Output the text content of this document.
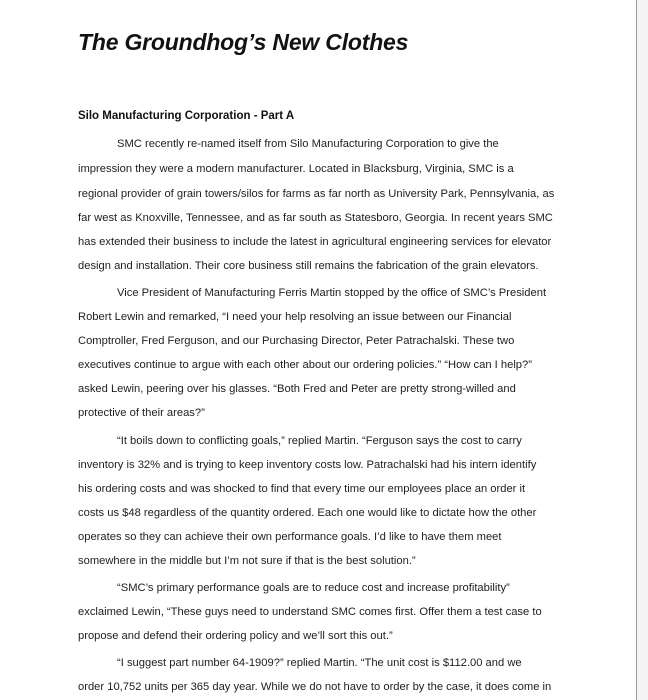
The Groundhog’s New Clothes
Silo Manufacturing Corporation - Part A

SMC recently re-named itself from Silo Manufacturing Corporation to give the

impression they were a modern manufacturer. Located in Blacksburg, Virginia, SMC is a

regional provider of grain towers/silos for farms as far north as University Park, Pennsylvania, as

far west as Knoxville, Tennessee, and as far south as Statesboro, Georgia. In recent years SMC

has extended their business to include the latest in agricultural engineering services for elevator

design and installation. Their core business still remains the fabrication of the grain elevators.

Vice President of Manufacturing Ferris Martin stopped by the office of SMC’s President

Robert Lewin and remarked, “I need your help resolving an issue between our Financial

Comptroller, Fred Ferguson, and our Purchasing Director, Peter Patrachalski. These two

executives continue to argue with each other about our ordering policies.” “How can I help?”

asked Lewin, peering over his glasses. “Both Fred and Peter are pretty strong-willed and

protective of their areas?”

“It boils down to conflicting goals,” replied Martin. “Ferguson says the cost to carry

inventory is 32% and is trying to keep inventory costs low. Patrachalski had his intern identify

his ordering costs and was shocked to find that every time our employees place an order it

costs us $48 regardless of the quantity ordered. Each one would like to dictate how the other

operates so they can achieve their own performance goals. I’d like to have them meet

somewhere in the middle but I’m not sure if that is the best solution.”

“SMC’s primary performance goals are to reduce cost and increase profitability”

exclaimed Lewin, “These guys need to understand SMC comes first. Offer them a test case to

propose and defend their ordering policy and we’ll sort this out.”

“I suggest part number 64-1909?” replied Martin. “The unit cost is $112.00 and we

order 10,752 units per 365 day year. While we do not have to order by the case, it does come in
